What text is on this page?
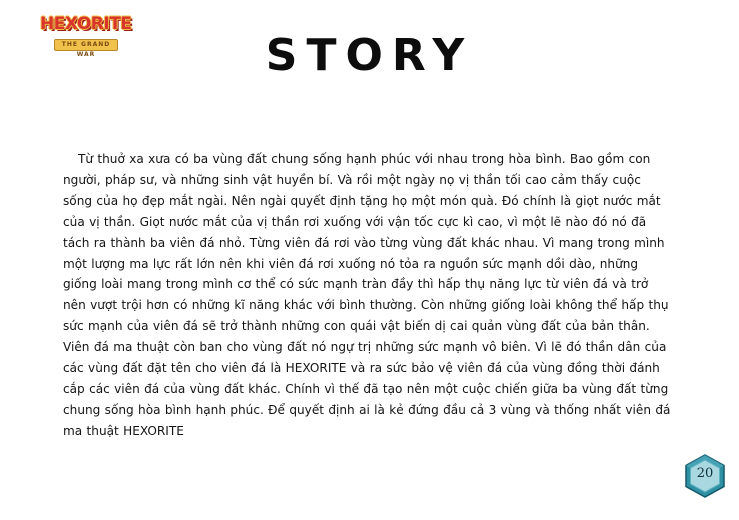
HEXORITE
THE GRAND WAR	STORY

Từ thuở xa xưa có ba vùng đất chung sống hạnh phúc với nhau trong hòa bình. Bao gồm con người, pháp sư, và những sinh vật huyền bí. Và rồi một ngày nọ vị thần tối cao cảm thấy cuộc sống của họ đẹp mắt ngài. Nên ngài quyết định tặng họ một món quà. Đó chính là giọt nước mắt của vị thần. Giọt nước mắt của vị thần rơi xuống với vận tốc cực kì cao, vì một lẽ nào đó nó đã tách ra thành ba viên đá nhỏ. Từng viên đá rơi vào từng vùng đất khác nhau. Vì mang trong mình một lượng ma lực rất lớn nên khi viên đá rơi xuống nó tỏa ra nguồn sức mạnh dồi dào, những giống loài mang trong mình cơ thể có sức mạnh tràn đầy thì hấp thụ năng lực từ viên đá và trở nên vượt trội hơn có những kĩ năng khác với bình thường. Còn những giống loài không thể hấp thụ sức mạnh của viên đá sẽ trở thành những con quái vật biến dị cai quản vùng đất của bản thân. Viên đá ma thuật còn ban cho vùng đất nó ngự trị những sức mạnh vô biên. Vì lẽ đó thần dân của các vùng đất đặt tên cho viên đá là HEXORITE và ra sức bảo vệ viên đá của vùng đồng thời đánh cắp các viên đá của vùng đất khác. Chính vì thế đã tạo nên một cuộc chiến giữa ba vùng đất từng chung sống hòa bình hạnh phúc. Để quyết định ai là kẻ đứng đầu cả 3 vùng và thống nhất viên đá ma thuật HEXORITE

20
